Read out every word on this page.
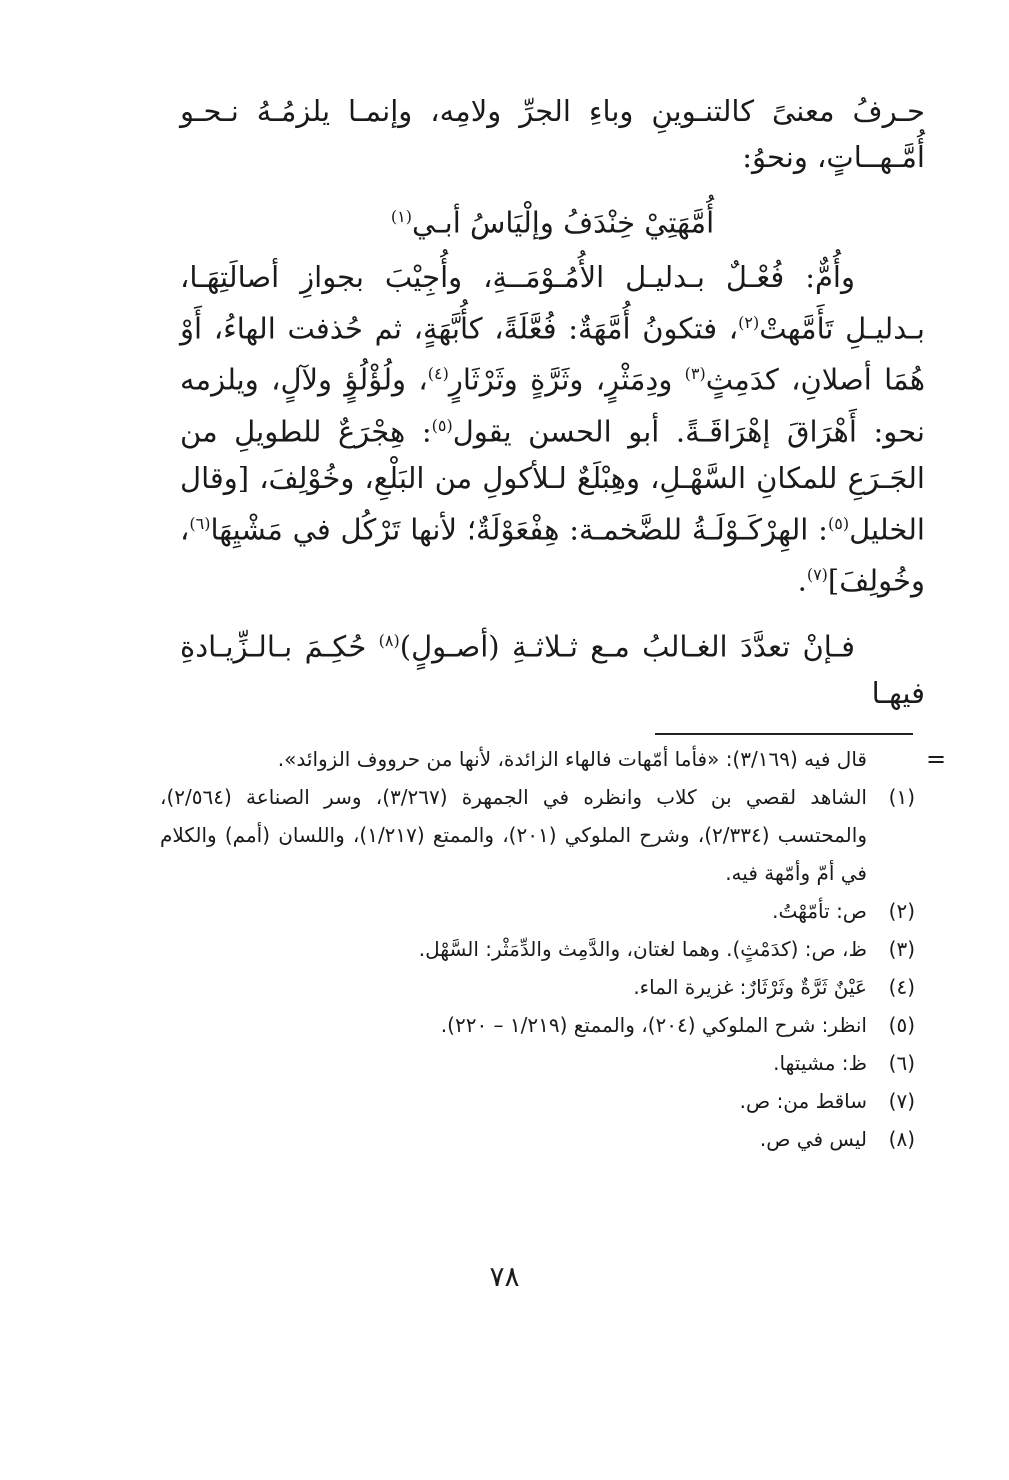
حـرفُ معنىً كالتنـوينِ وباءِ الجرِّ ولامِه، وإنمـا يلزمُـهُ نـحـو أُمَّـهــاتٍ، ونحوُ:

أُمَّهَتِيْ خِنْدَفُ وإلْيَاسُ أبـي$^{(١)}$

وأُمٌّ: فُعْـلٌ بـدليـل الأُمُـوْمَــةِ، وأُجِيْبَ بجوازِ أصالَتِهَـا، بـدليـلِ تَأَمَّهتْ$^{(٢)}$، فتكونُ أُمَّهَةٌ: فُعَّلَةً، كأُبَّهَةٍ، ثم حُذفت الهاءُ، أَوْ هُمَا أصلانِ، كدَمِثٍ$^{(٣)}$ ودِمَثْرٍ، وثَرَّةٍ وثَرْثَارٍ$^{(٤)}$، ولُؤْلُؤٍ ولآلٍ، ويلزمه نحو: أَهْرَاقَ إهْرَاقَـةً. أبو الحسن يقول$^{(٥)}$: هِجْرَعٌ للطويلِ من الجَـرَعِ للمكانِ السَّهْـلِ، وهِبْلَعٌ لـلأكولِ من البَلْعِ، وخُوْلِفَ، [وقال الخليل$^{(٥)}$: الهِرْكَـوْلَـةُ للضَّخمـة: هِفْعَوْلَةٌ؛ لأنها تَرْكُل في مَشْيِهَا$^{(٦)}$، وخُولِفَ]$^{(٧)}$.

فـإنْ تعدَّدَ الغـالبُ مـع ثـلاثـةِ (أصـولٍ)$^{(٨)}$ حُكِـمَ بـالـزِّيـادةِ فيهـا

=
قال فيه (٣/١٦٩): «فأما أمّهات فالهاء الزائدة، لأنها من حرووف الزوائد».
(١)
الشاهد لقصي بن كلاب وانظره في الجمهرة (٣/٢٦٧)، وسر الصناعة (٢/٥٦٤)، والمحتسب (٢/٣٣٤)، وشرح الملوكي (٢٠١)، والممتع (١/٢١٧)، واللسان (أمم) والكلام في أمّ وأمّهة فيه.
(٢)
ص: تأمّهْتُ.
(٣)
ظ، ص: (كدَمْثٍ). وهما لغتان، والدَّمِث والدِّمَثْر: السَّهْل.
(٤)
عَيْنٌ ثَرَّةٌ وثَرْثَارٌ: غزيرة الماء.
(٥)
انظر: شرح الملوكي (٢٠٤)، والممتع (١/٢١٩ – ٢٢٠).
(٦)
ظ: مشيتها.
(٧)
ساقط من: ص.
(٨)
ليس في ص.
٧٨
